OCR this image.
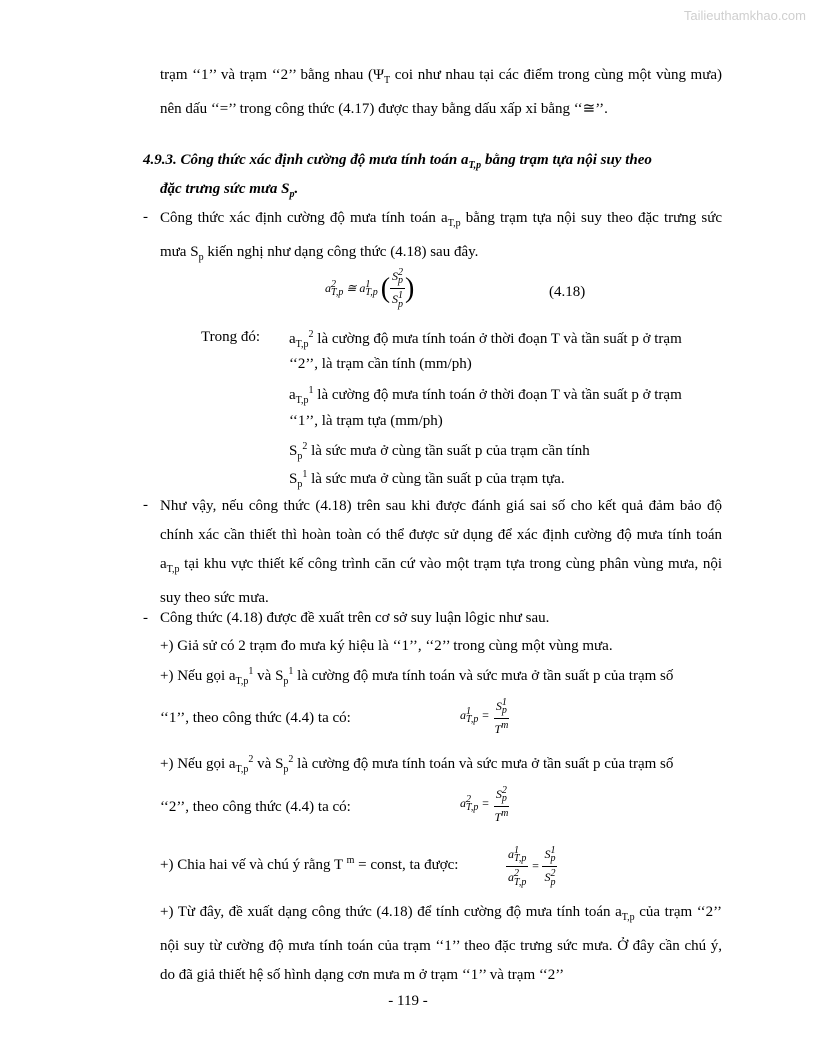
Tailieuthamkhao.com
trạm ‘‘1’’ và trạm ‘‘2’’ bằng nhau ($\Psi_T$ coi như nhau tại các điểm trong cùng một vùng mưa) nên dấu ‘‘=’’ trong công thức (4.17) được thay bằng dấu xấp xỉ bằng ‘‘≅’’.
4.9.3. Công thức xác định cường độ mưa tính toán $a_{T,p}$ bằng trạm tựa nội suy theo
đặc trưng sức mưa $S_p$.
- Công thức xác định cường độ mưa tính toán $a_{T,p}$ bằng trạm tựa nội suy theo đặc trưng sức mưa $S_p$ kiến nghị như dạng công thức (4.18) sau đây.
$a^2_{T,p}$ ≅ $a^1_{T,p}$ ( $\frac{S^2_p}{S^1_p}$ )	(4.18)
Trong đó: $a_{T,p}^2$ là cường độ mưa tính toán ở thời đoạn T và tần suất p ở trạm
‘‘2’’, là trạm cần tính (mm/ph)
$a_{T,p}^1$ là cường độ mưa tính toán ở thời đoạn T và tần suất p ở trạm
‘‘1’’, là trạm tựa (mm/ph)
$S_p^2$ là sức mưa ở cùng tần suất p của trạm cần tính
$S_p^1$ là sức mưa ở cùng tần suất p của trạm tựa.
- Như vậy, nếu công thức (4.18) trên sau khi được đánh giá sai số cho kết quả đảm bảo độ chính xác cần thiết thì hoàn toàn có thể được sử dụng để xác định cường độ mưa tính toán $a_{T,p}$ tại khu vực thiết kế công trình căn cứ vào một trạm tựa trong cùng phân vùng mưa, nội suy theo sức mưa.
- Công thức (4.18) được đề xuất trên cơ sở suy luận lôgic như sau.
+) Giả sử có 2 trạm đo mưa ký hiệu là ‘‘1’’, ‘‘2’’ trong cùng một vùng mưa.
+) Nếu gọi $a_{T,p}^1$ và $S_p^1$ là cường độ mưa tính toán và sức mưa ở tần suất p của trạm số
‘‘1’’, theo công thức (4.4) ta có:	$a^1_{T,p} = \frac{S^1_p}{T^m}$
+) Nếu gọi $a_{T,p}^2$ và $S_p^2$ là cường độ mưa tính toán và sức mưa ở tần suất p của trạm số
‘‘2’’, theo công thức (4.4) ta có:	$a^2_{T,p} = \frac{S^2_p}{T^m}$
+) Chia hai vế và chú ý rằng T $^m$ = const, ta được:	$\frac{a^1_{T,p}}{a^2_{T,p}} = \frac{S^1_p}{S^2_p}$
+) Từ đây, đề xuất dạng công thức (4.18) để tính cường độ mưa tính toán $a_{T,p}$ của trạm ‘‘2’’ nội suy từ cường độ mưa tính toán của trạm ‘‘1’’ theo đặc trưng sức mưa. Ở đây cần chú ý, do đã giả thiết hệ số hình dạng cơn mưa m ở trạm ‘‘1’’ và trạm ‘‘2’’
- 119 -
